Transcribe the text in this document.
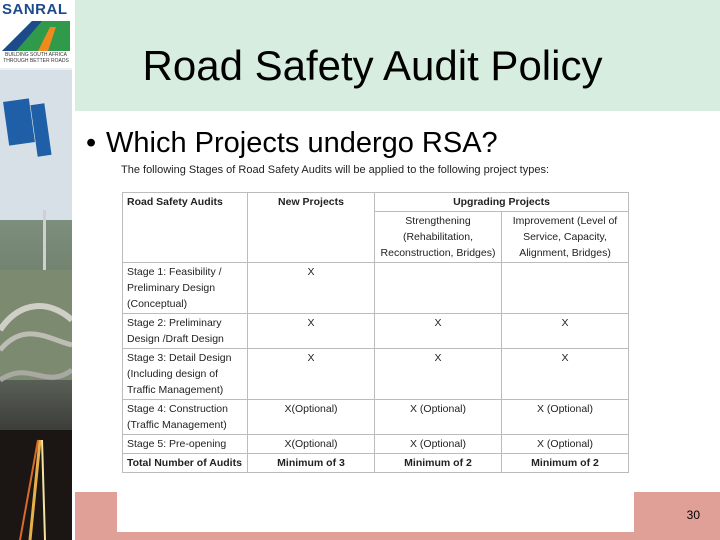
SANRAL
BUILDING SOUTH AFRICA THROUGH BETTER ROADS	Road Safety Audit Policy
• Which Projects undergo RSA?
30
The following Stages of Road Safety Audits will be applied to the following project types:
Road Safety Audits	New Projects	Upgrading Projects	
		Strengthening (Rehabilitation, Reconstruction, Bridges)	Improvement (Level of Service, Capacity, Alignment, Bridges)
Stage 1: Feasibility / Preliminary Design (Conceptual)	X		
Stage 2: Preliminary Design /Draft Design	X	X	X
Stage 3: Detail Design (Including design of Traffic Management)	X	X	X
Stage 4: Construction (Traffic Management)	X(Optional)	X (Optional)	X (Optional)
Stage 5: Pre-opening	X(Optional)	X (Optional)	X (Optional)
Total Number of Audits	Minimum of 3	Minimum of 2	Minimum of 2
